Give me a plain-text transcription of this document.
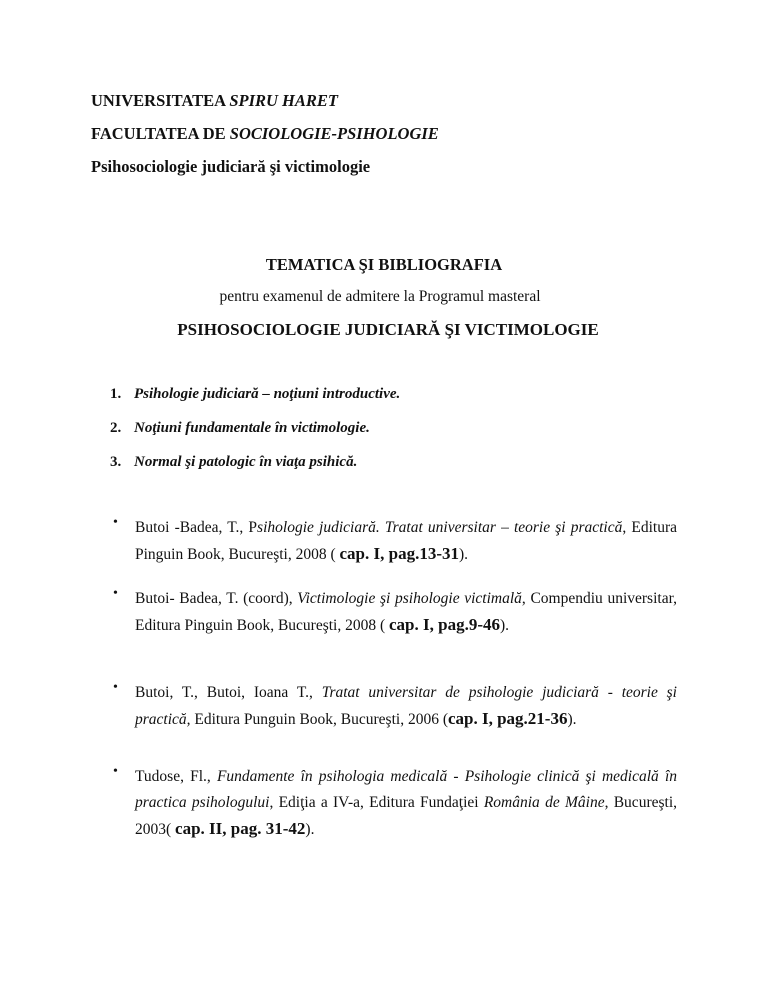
UNIVERSITATEA SPIRU HARET
FACULTATEA DE SOCIOLOGIE-PSIHOLOGIE
Psihosociologie judiciară şi victimologie
TEMATICA ŞI BIBLIOGRAFIA
pentru examenul de admitere la Programul masteral
PSIHOSOCIOLOGIE JUDICIARĂ ŞI VICTIMOLOGIE
1. Psihologie judiciară – noţiuni introductive.
2. Noţiuni fundamentale în victimologie.
3. Normal şi patologic în viaţa psihică.
• Butoi -Badea, T., Psihologie judiciară. Tratat universitar – teorie şi practică, Editura Pinguin Book, Bucureşti, 2008 ( cap. I, pag.13-31).
• Butoi- Badea, T. (coord), Victimologie şi psihologie victimală, Compendiu universitar, Editura Pinguin Book, Bucureşti, 2008 ( cap. I, pag.9-46).
• Butoi, T., Butoi, Ioana T., Tratat universitar de psihologie judiciară - teorie şi practică, Editura Punguin Book, Bucureşti, 2006 (cap. I, pag.21-36).
• Tudose, Fl., Fundamente în psihologia medicală - Psihologie clinică şi medicală în practica psihologului, Ediţia a IV-a, Editura Fundaţiei România de Mâine, Bucureşti, 2003( cap. II, pag. 31-42).
